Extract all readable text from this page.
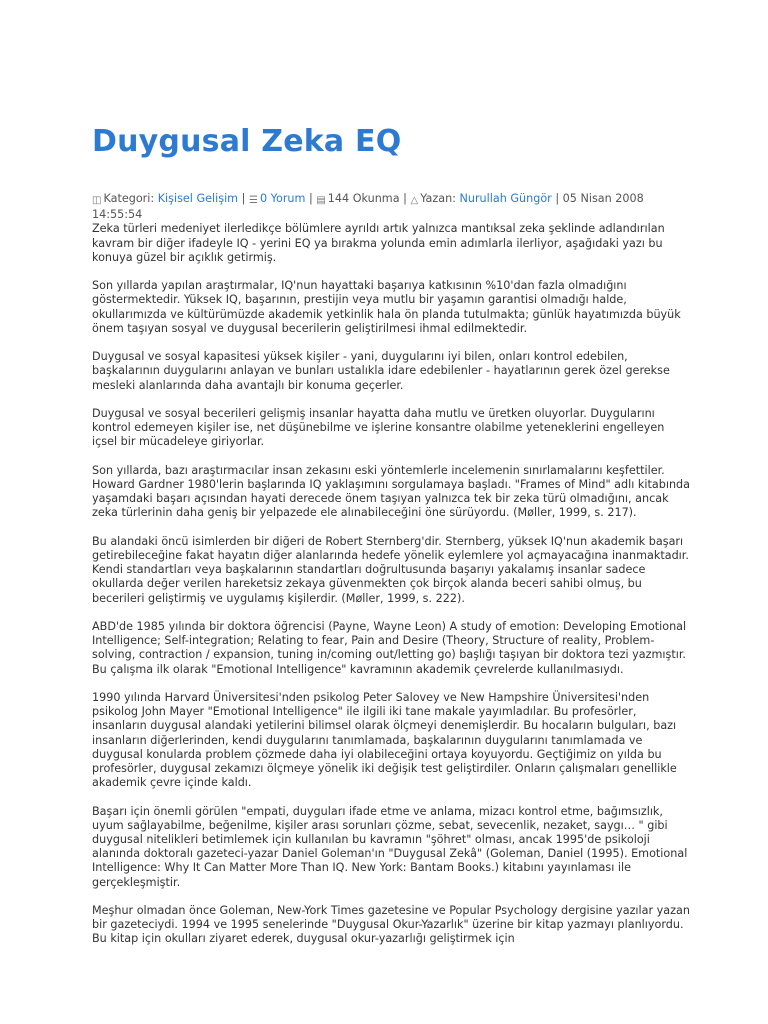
Duygusal Zeka EQ
◫ Kategori: Kişisel Gelişim | ☰ 0 Yorum | ▤ 144 Okunma | △ Yazan: Nurullah Güngör | 05 Nisan 2008 14:55:54

Zeka türleri medeniyet ilerledikçe bölümlere ayrıldı artık yalnızca mantıksal zeka şeklinde adlandırılan kavram bir diğer ifadeyle IQ - yerini EQ ya bırakma yolunda emin adımlarla ilerliyor, aşağıdaki yazı bu konuya güzel bir açıklık getirmiş.

Son yıllarda yapılan araştırmalar, IQ'nun hayattaki başarıya katkısının %10'dan fazla olmadığını göstermektedir. Yüksek IQ, başarının, prestijin veya mutlu bir yaşamın garantisi olmadığı halde, okullarımızda ve kültürümüzde akademik yetkinlik hala ön planda tutulmakta; günlük hayatımızda büyük önem taşıyan sosyal ve duygusal becerilerin geliştirilmesi ihmal edilmektedir.

Duygusal ve sosyal kapasitesi yüksek kişiler - yani, duygularını iyi bilen, onları kontrol edebilen, başkalarının duygularını anlayan ve bunları ustalıkla idare edebilenler - hayatlarının gerek özel gerekse mesleki alanlarında daha avantajlı bir konuma geçerler.

Duygusal ve sosyal becerileri gelişmiş insanlar hayatta daha mutlu ve üretken oluyorlar. Duygularını kontrol edemeyen kişiler ise, net düşünebilme ve işlerine konsantre olabilme yeteneklerini engelleyen içsel bir mücadeleye giriyorlar.

Son yıllarda, bazı araştırmacılar insan zekasını eski yöntemlerle incelemenin sınırlamalarını keşfettiler.

Howard Gardner 1980'lerin başlarında IQ yaklaşımını sorgulamaya başladı. "Frames of Mind" adlı kitabında yaşamdaki başarı açısından hayati derecede önem taşıyan yalnızca tek bir zeka türü olmadığını, ancak zeka türlerinin daha geniş bir yelpazede ele alınabileceğini öne sürüyordu. (Møller, 1999, s. 217).

Bu alandaki öncü isimlerden bir diğeri de Robert Sternberg'dir. Sternberg, yüksek IQ'nun akademik başarı getirebileceğine fakat hayatın diğer alanlarında hedefe yönelik eylemlere yol açmayacağına inanmaktadır. Kendi standartları veya başkalarının standartları doğrultusunda başarıyı yakalamış insanlar sadece okullarda değer verilen hareketsiz zekaya güvenmekten çok birçok alanda beceri sahibi olmuş, bu becerileri geliştirmiş ve uygulamış kişilerdir. (Møller, 1999, s. 222).

ABD'de 1985 yılında bir doktora öğrencisi (Payne, Wayne Leon) A study of emotion: Developing Emotional Intelligence; Self-integration; Relating to fear, Pain and Desire (Theory, Structure of reality, Problem-solving, contraction / expansion, tuning in/coming out/letting go) başlığı taşıyan bir doktora tezi yazmıştır. Bu çalışma ilk olarak "Emotional Intelligence" kavramının akademik çevrelerde kullanılmasıydı.

1990 yılında Harvard Üniversitesi'nden psikolog Peter Salovey ve New Hampshire Üniversitesi'nden psikolog John Mayer "Emotional Intelligence" ile ilgili iki tane makale yayımladılar. Bu profesörler, insanların duygusal alandaki yetilerini bilimsel olarak ölçmeyi denemişlerdir. Bu hocaların bulguları, bazı insanların diğerlerinden, kendi duygularını tanımlamada, başkalarının duygularını tanımlamada ve duygusal konularda problem çözmede daha iyi olabileceğini ortaya koyuyordu. Geçtiğimiz on yılda bu profesörler, duygusal zekamızı ölçmeye yönelik iki değişik test geliştirdiler. Onların çalışmaları genellikle akademik çevre içinde kaldı.

Başarı için önemli görülen "empati, duyguları ifade etme ve anlama, mizacı kontrol etme, bağımsızlık, uyum sağlayabilme, beğenilme, kişiler arası sorunları çözme, sebat, sevecenlik, nezaket, saygı… " gibi duygusal nitelikleri betimlemek için kullanılan bu kavramın "şöhret" olması, ancak 1995'de psikoloji alanında doktoralı gazeteci-yazar Daniel Goleman'ın "Duygusal Zekâ" (Goleman, Daniel (1995). Emotional Intelligence: Why It Can Matter More Than IQ. New York: Bantam Books.) kitabını yayınlaması ile gerçekleşmiştir.

Meşhur olmadan önce Goleman, New-York Times gazetesine ve Popular Psychology dergisine yazılar yazan bir gazeteciydi. 1994 ve 1995 senelerinde "Duygusal Okur-Yazarlık" üzerine bir kitap yazmayı planlıyordu. Bu kitap için okulları ziyaret ederek, duygusal okur-yazarlığı geliştirmek için
